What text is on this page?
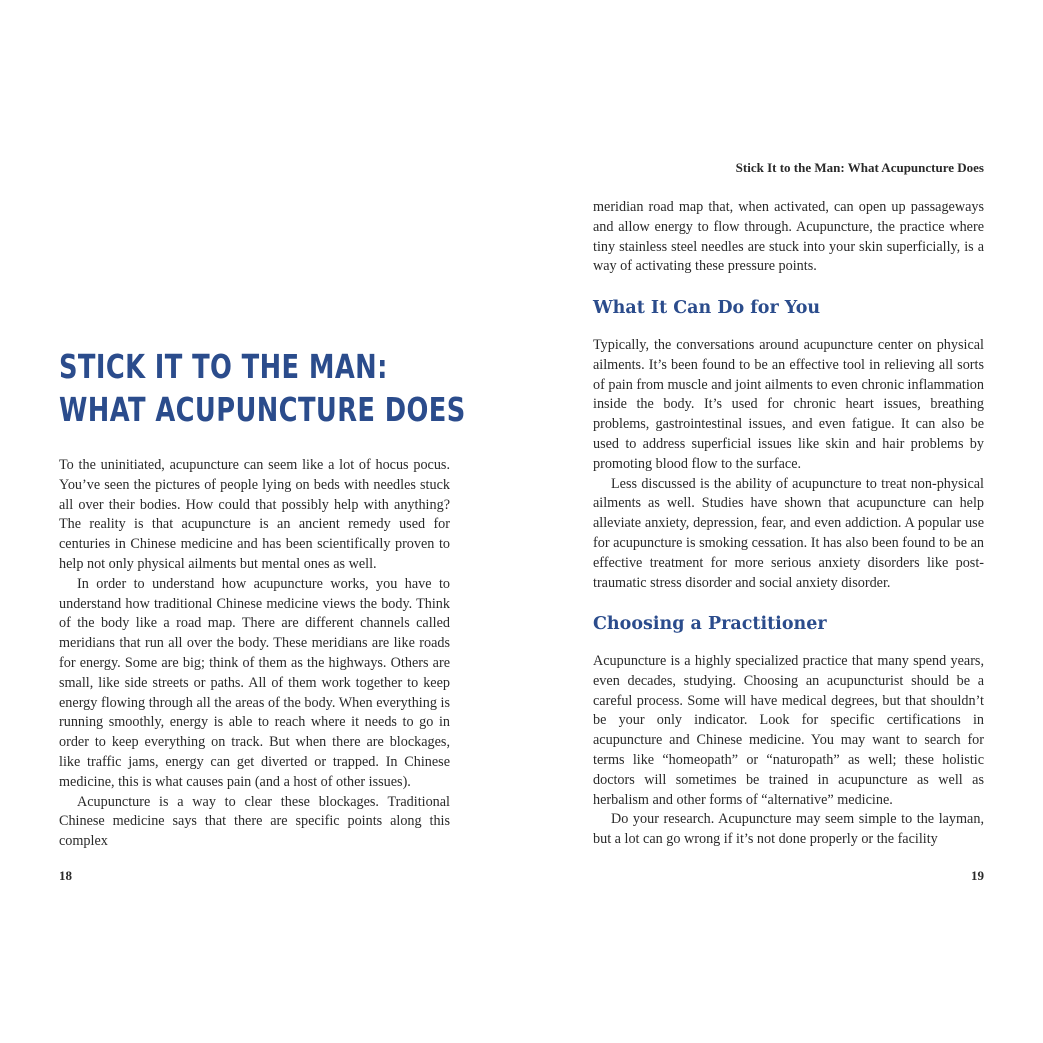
STICK IT TO THE MAN:
WHAT ACUPUNCTURE DOES

To the uninitiated, acupuncture can seem like a lot of hocus pocus. You’ve seen the pictures of people lying on beds with needles stuck all over their bodies. How could that possibly help with anything? The reality is that acupuncture is an ancient remedy used for centuries in Chinese medicine and has been scientifically proven to help not only physical ailments but mental ones as well.

In order to understand how acupuncture works, you have to understand how traditional Chinese medicine views the body. Think of the body like a road map. There are different channels called meridians that run all over the body. These meridians are like roads for energy. Some are big; think of them as the highways. Others are small, like side streets or paths. All of them work together to keep energy flowing through all the areas of the body. When everything is running smoothly, energy is able to reach where it needs to go in order to keep everything on track. But when there are blockages, like traffic jams, energy can get diverted or trapped. In Chinese medicine, this is what causes pain (and a host of other issues).

Acupuncture is a way to clear these blockages. Traditional Chinese medicine says that there are specific points along this complex

18
Stick It to the Man: What Acupuncture Does

meridian road map that, when activated, can open up passageways and allow energy to flow through. Acupuncture, the practice where tiny stainless steel needles are stuck into your skin superficially, is a way of activating these pressure points.

What It Can Do for You

Typically, the conversations around acupuncture center on physical ailments. It’s been found to be an effective tool in relieving all sorts of pain from muscle and joint ailments to even chronic inflammation inside the body. It’s used for chronic heart issues, breathing problems, gastrointestinal issues, and even fatigue. It can also be used to address superficial issues like skin and hair problems by promoting blood flow to the surface.

Less discussed is the ability of acupuncture to treat non-physical ailments as well. Studies have shown that acupuncture can help alleviate anxiety, depression, fear, and even addiction. A popular use for acupuncture is smoking cessation. It has also been found to be an effective treatment for more serious anxiety disorders like post-traumatic stress disorder and social anxiety disorder.

Choosing a Practitioner

Acupuncture is a highly specialized practice that many spend years, even decades, studying. Choosing an acupuncturist should be a careful process. Some will have medical degrees, but that shouldn’t be your only indicator. Look for specific certifications in acupuncture and Chinese medicine. You may want to search for terms like “homeopath” or “naturopath” as well; these holistic doctors will sometimes be trained in acupuncture as well as herbalism and other forms of “alternative” medicine.

Do your research. Acupuncture may seem simple to the layman, but a lot can go wrong if it’s not done properly or the facility

19
